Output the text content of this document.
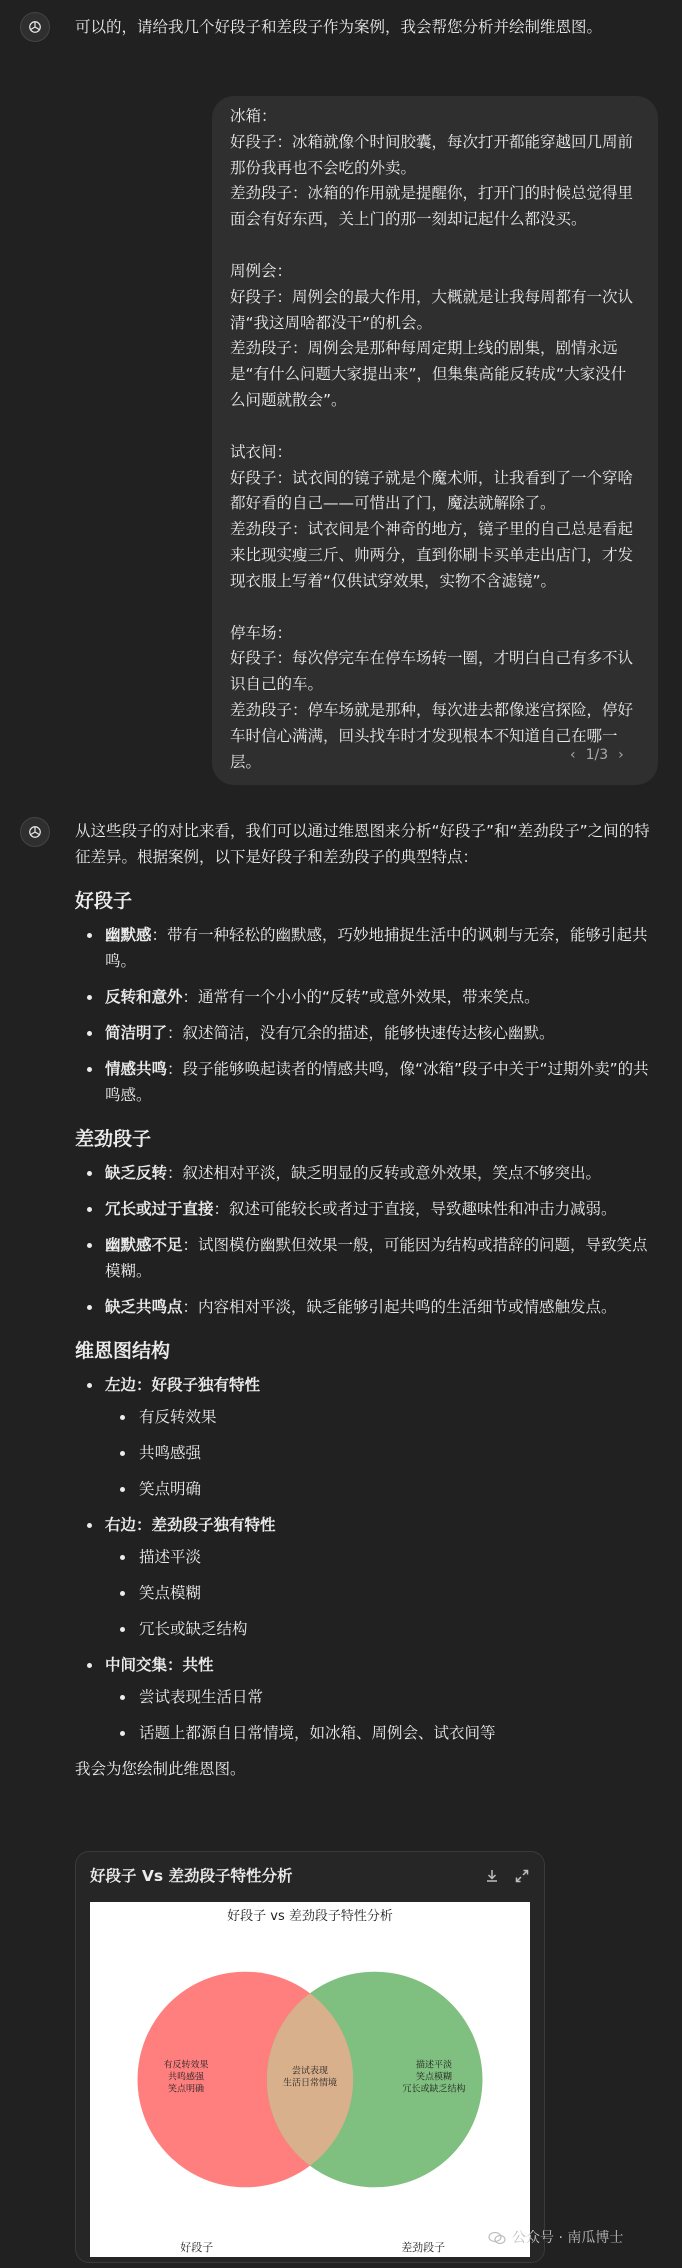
可以的，请给我几个好段子和差段子作为案例，我会帮您分析并绘制维恩图。

冰箱：
好段子：冰箱就像个时间胶囊，每次打开都能穿越回几周前那份我再也不会吃的外卖。
差劲段子：冰箱的作用就是提醒你，打开门的时候总觉得里面会有好东西，关上门的那一刻却记起什么都没买。

周例会：
好段子：周例会的最大作用，大概就是让我每周都有一次认清“我这周啥都没干”的机会。
差劲段子：周例会是那种每周定期上线的剧集，剧情永远是“有什么问题大家提出来”，但集集高能反转成“大家没什么问题就散会”。

试衣间：
好段子：试衣间的镜子就是个魔术师，让我看到了一个穿啥都好看的自己——可惜出了门，魔法就解除了。
差劲段子：试衣间是个神奇的地方，镜子里的自己总是看起来比现实瘦三斤、帅两分，直到你刷卡买单走出店门，才发现衣服上写着“仅供试穿效果，实物不含滤镜”。

停车场：
好段子：每次停完车在停车场转一圈，才明白自己有多不认识自己的车。
差劲段子：停车场就是那种，每次进去都像迷宫探险，停好车时信心满满，回头找车时才发现根本不知道自己在哪一层。	‹ 1/3 ›

从这些段子的对比来看，我们可以通过维恩图来分析“好段子”和“差劲段子”之间的特征差异。根据案例，以下是好段子和差劲段子的典型特点：

好段子
幽默感：带有一种轻松的幽默感，巧妙地捕捉生活中的讽刺与无奈，能够引起共鸣。
反转和意外：通常有一个小小的“反转”或意外效果，带来笑点。
简洁明了：叙述简洁，没有冗余的描述，能够快速传达核心幽默。
情感共鸣：段子能够唤起读者的情感共鸣，像“冰箱”段子中关于“过期外卖”的共鸣感。
差劲段子
缺乏反转：叙述相对平淡，缺乏明显的反转或意外效果，笑点不够突出。
冗长或过于直接：叙述可能较长或者过于直接，导致趣味性和冲击力减弱。
幽默感不足：试图模仿幽默但效果一般，可能因为结构或措辞的问题，导致笑点模糊。
缺乏共鸣点：内容相对平淡，缺乏能够引起共鸣的生活细节或情感触发点。
维恩图结构
左边：好段子独有特性
有反转效果
共鸣感强
笑点明确
右边：差劲段子独有特性
描述平淡
笑点模糊
冗长或缺乏结构
中间交集：共性
尝试表现生活日常
话题上都源自日常情境，如冰箱、周例会、试衣间等

我会为您绘制此维恩图。

好段子 Vs 差劲段子特性分析
好段子 vs 差劲段子特性分析
有反转效果共鸣感强笑点明确
描述平淡笑点模糊冗长或缺乏结构
尝试表现生活日常情境
好段子	差劲段子
公众号 · 南瓜博士
